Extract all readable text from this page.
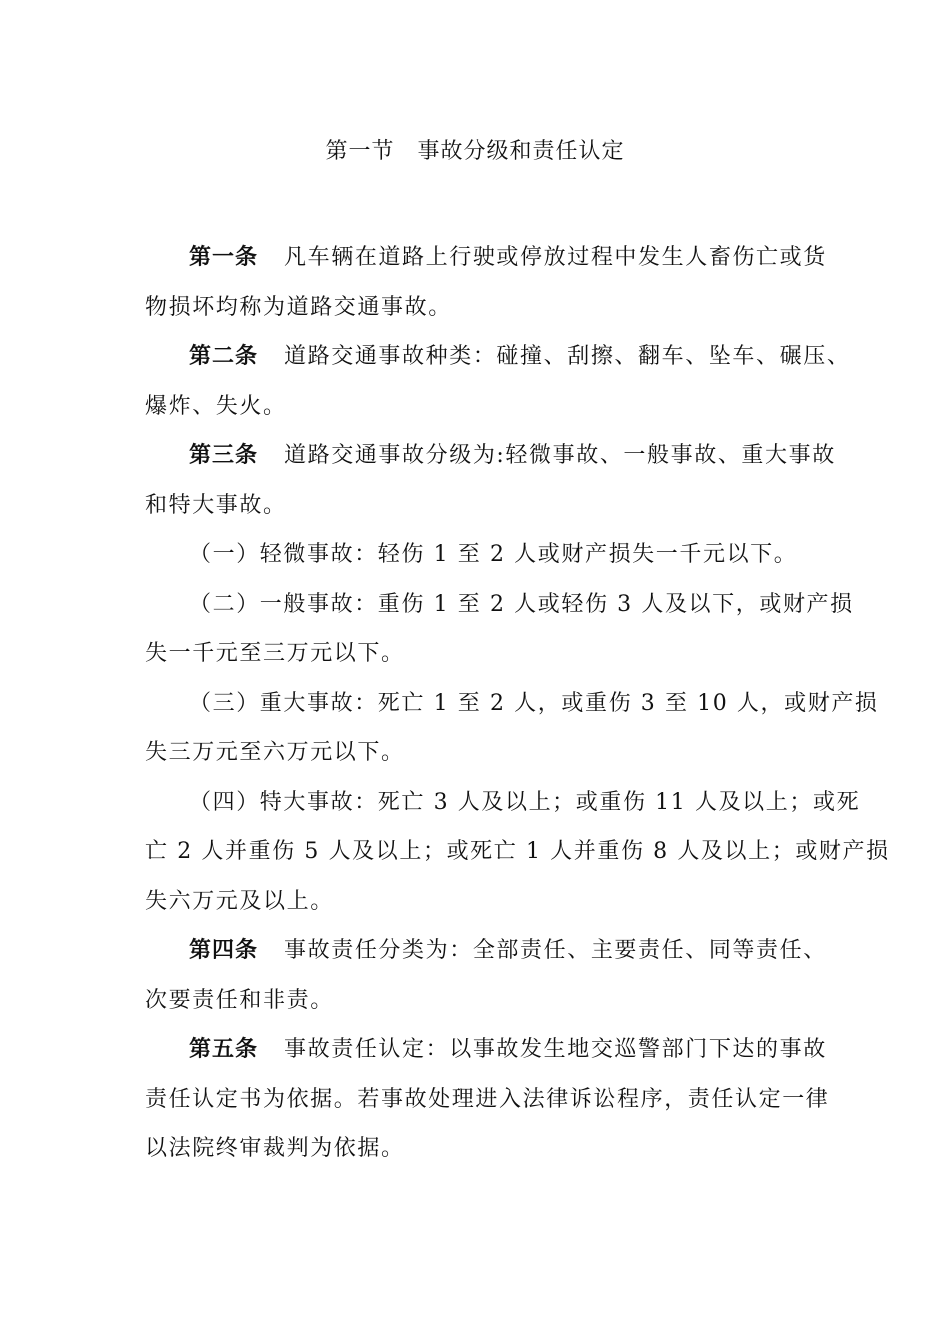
第一节　事故分级和责任认定

第一条 凡车辆在道路上行驶或停放过程中发生人畜伤亡或货
物损坏均称为道路交通事故。

第二条 道路交通事故种类：碰撞、刮擦、翻车、坠车、碾压、
爆炸、失火。

第三条 道路交通事故分级为:轻微事故、一般事故、重大事故
和特大事故。

（一）轻微事故：轻伤 1 至 2 人或财产损失一千元以下。

（二）一般事故：重伤 1 至 2 人或轻伤 3 人及以下，或财产损
失一千元至三万元以下。

（三）重大事故：死亡 1 至 2 人，或重伤 3 至 10 人，或财产损
失三万元至六万元以下。

（四）特大事故：死亡 3 人及以上；或重伤 11 人及以上；或死
亡 2 人并重伤 5 人及以上；或死亡 1 人并重伤 8 人及以上；或财产损
失六万元及以上。

第四条 事故责任分类为：全部责任、主要责任、同等责任、
次要责任和非责。

第五条 事故责任认定：以事故发生地交巡警部门下达的事故
责任认定书为依据。若事故处理进入法律诉讼程序，责任认定一律
以法院终审裁判为依据。
